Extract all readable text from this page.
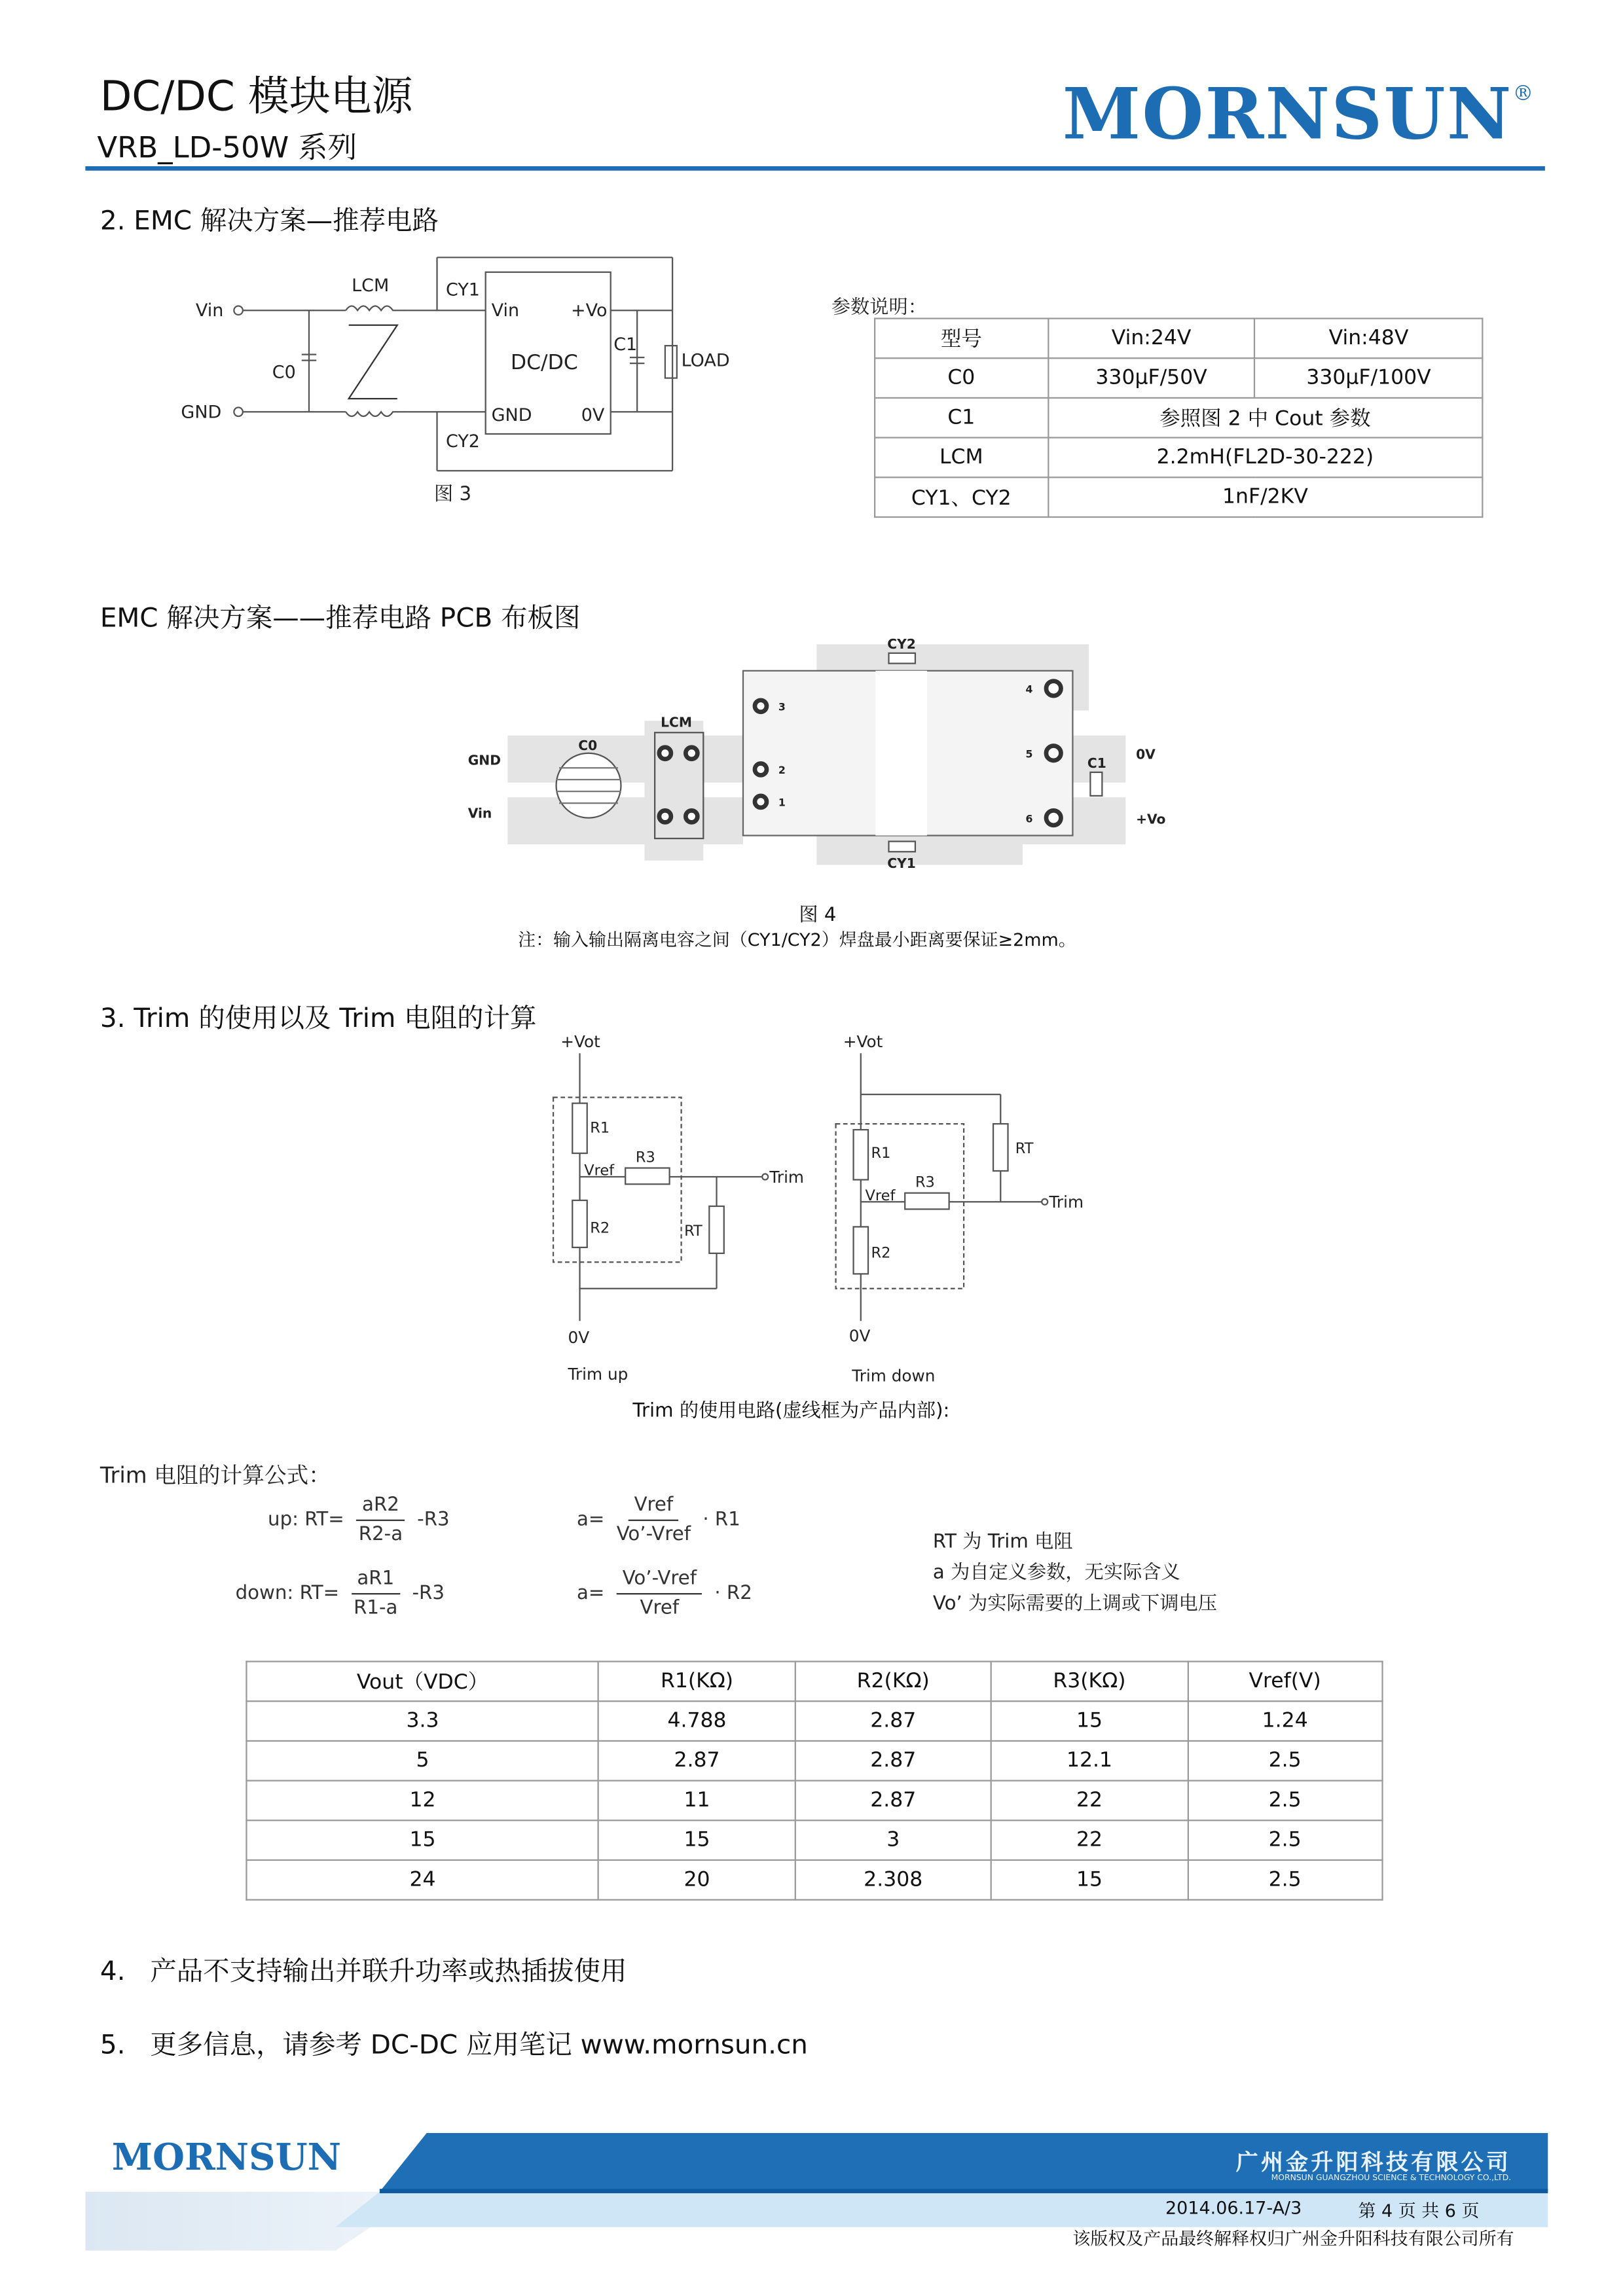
DC/DC 模块电源
VRB_LD-50W 系列	MORNSUN®
2. EMC 解决方案—推荐电路
Vin
GND
LCM
C0
CY1
CY2
Vin	+Vo
DC/DC
GND	0V
C1
LOAD
图 3
参数说明：
型号	Vin:24V	Vin:48V
C0	330μF/50V	330μF/100V
C1	参照图 2 中 Cout 参数	
LCM	2.2mH(FL2D-30-222)	
CY1、CY2	1nF/2KV	
EMC 解决方案——推荐电路 PCB 布板图
GND
Vin
C0
LCM
CY2
CY1
C1
0V
+Vo
1
2
3
4
5
6
图 4
注：输入输出隔离电容之间（CY1/CY2）焊盘最小距离要保证≥2mm。
3. Trim 的使用以及 Trim 电阻的计算
+Vot
R1
R2
R3
RT
Vref	Trim
0V
Trim up
+Vot
R1
R2
R3
RT
Vref	Trim
0V
Trim down
Trim 的使用电路(虚线框为产品内部):
Trim 电阻的计算公式：
up: $RT= \frac{aR2}{R2-a} -R3$	$a= \frac{\text{Vref}}{\text{Vo’-Vref}} \cdot R1$
down: $RT= \frac{aR1}{R1-a} -R3$	$a= \frac{\text{Vo’-Vref}}{\text{Vref}} \cdot R2$
RT 为 Trim 电阻
a 为自定义参数，无实际含义
Vo’ 为实际需要的上调或下调电压
Vout（VDC）	R1(KΩ)	R2(KΩ)	R3(KΩ)	Vref(V)
3.3	4.788	2.87	15	1.24
5	2.87	2.87	12.1	2.5
12	11	2.87	22	2.5
15	15	3	22	2.5
24	20	2.308	15	2.5
4. 产品不支持输出并联升功率或热插拔使用
5. 更多信息，请参考 DC-DC 应用笔记 www.mornsun.cn
MORNSUN	广州金升阳科技有限公司
MORNSUN GUANGZHOU SCIENCE & TECHNOLOGY CO.,LTD.
2014.06.17-A/3	第 4 页 共 6 页
该版权及产品最终解释权归广州金升阳科技有限公司所有
